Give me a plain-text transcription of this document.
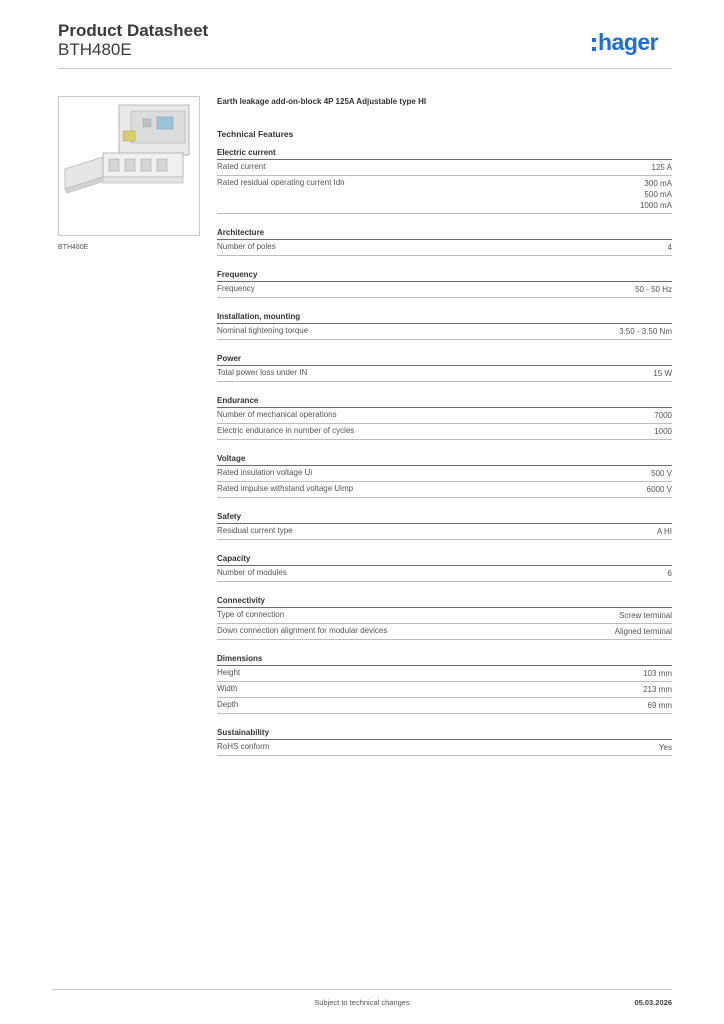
Product Datasheet
BTH480E	hager
BTH480E
Earth leakage add-on-block 4P 125A Adjustable type HI
Technical Features
Electric current
Rated current	125 A
Rated residual operating current Idn	300 mA
500 mA
1000 mA
Architecture
Number of poles	4
Frequency
Frequency	50 - 50 Hz
Installation, mounting
Nominal tightening torque	3.50 - 3.50 Nm
Power
Total power loss under IN	15 W
Endurance
Number of mechanical operations	7000
Electric endurance in number of cycles	1000
Voltage
Rated insulation voltage Ui	500 V
Rated impulse withstand voltage Uimp	6000 V
Safety
Residual current type	A HI
Capacity
Number of modules	6
Connectivity
Type of connection	Screw terminal
Down connection alignment for modular devices	Aligned terminal
Dimensions
Height	103 mm
Width	213 mm
Depth	69 mm
Sustainability
RoHS conform	Yes
Subject to technical changes	05.03.2026
